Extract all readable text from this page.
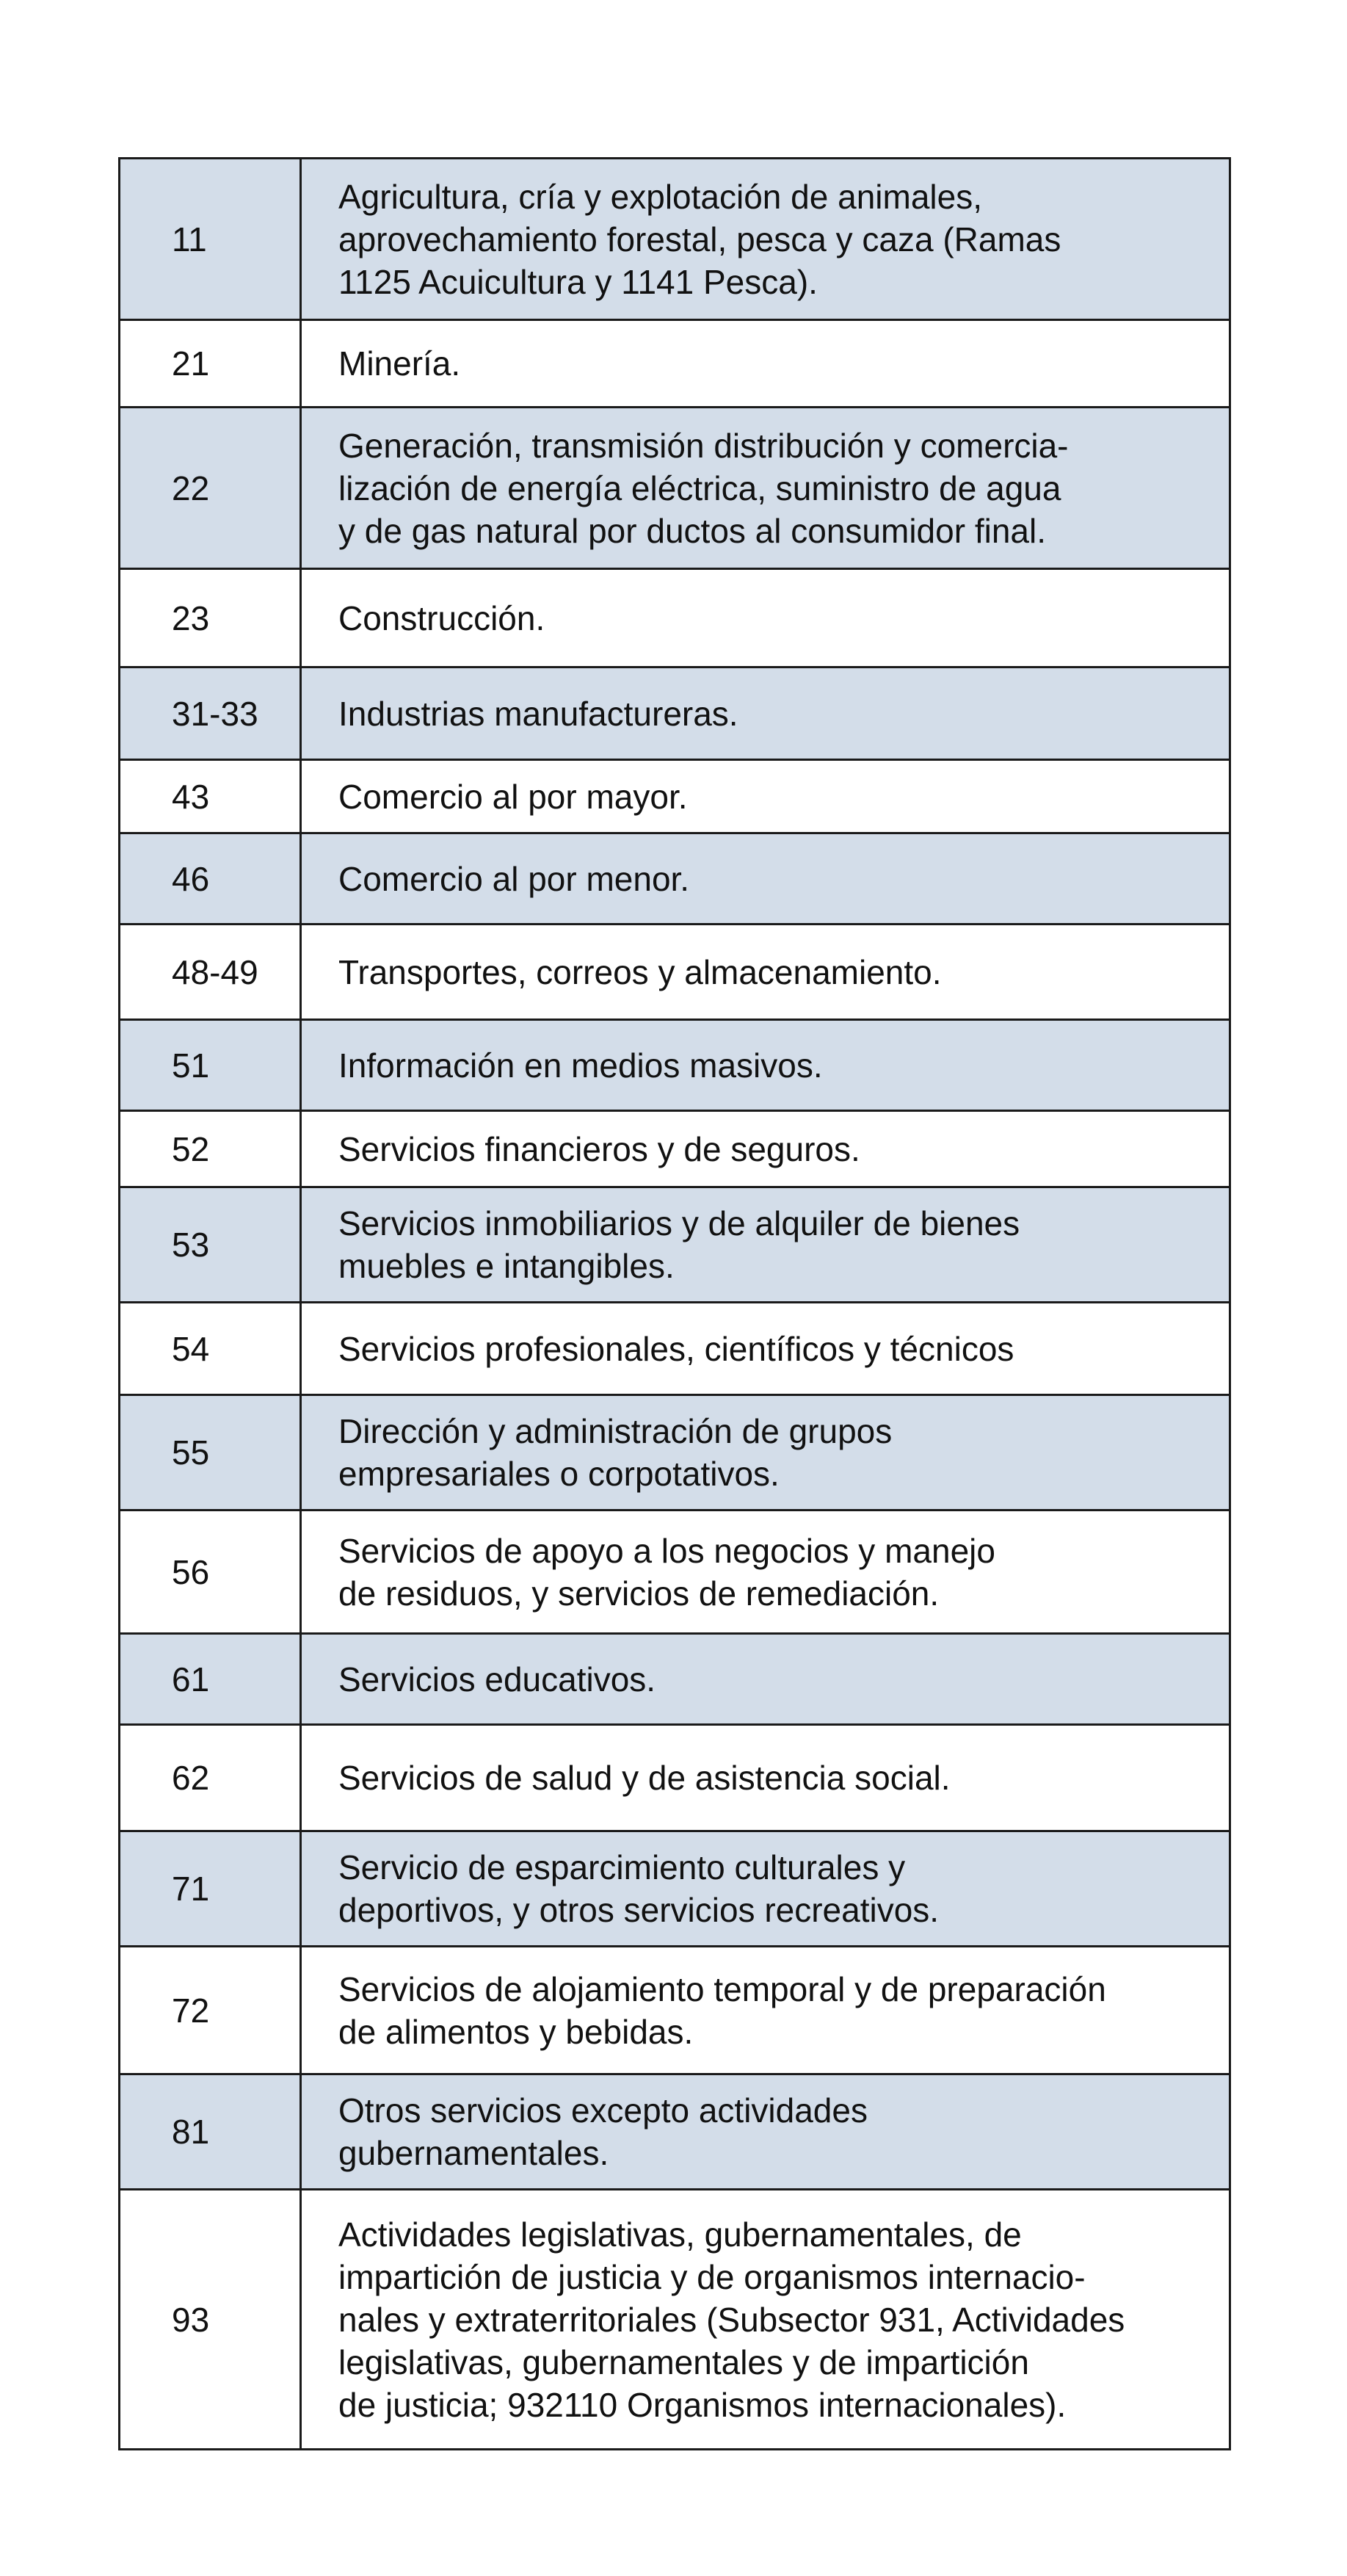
11	Agricultura, cría y explotación de animales,
aprovechamiento forestal, pesca y caza (Ramas
1125 Acuicultura y 1141 Pesca).
21	Minería.
22	Generación, transmisión distribución y comercia-
lización de energía eléctrica, suministro de agua
y de gas natural por ductos al consumidor final.
23	Construcción.
31-33	Industrias manufactureras.
43	Comercio al por mayor.
46	Comercio al por menor.
48-49	Transportes, correos y almacenamiento.
51	Información en medios masivos.
52	Servicios financieros y de seguros.
53	Servicios inmobiliarios y de alquiler de bienes
muebles e intangibles.
54	Servicios profesionales, científicos y técnicos
55	Dirección y administración de grupos
empresariales o corpotativos.
56	Servicios de apoyo a los negocios y manejo
de residuos, y servicios de remediación.
61	Servicios educativos.
62	Servicios de salud y de asistencia social.
71	Servicio de esparcimiento culturales y
deportivos, y otros servicios recreativos.
72	Servicios de alojamiento temporal y de preparación
de alimentos y bebidas.
81	Otros servicios excepto actividades
gubernamentales.
93	Actividades legislativas, gubernamentales, de
impartición de justicia y de organismos internacio-
nales y extraterritoriales (Subsector 931, Actividades
legislativas, gubernamentales y de impartición
de justicia; 932110 Organismos internacionales).
